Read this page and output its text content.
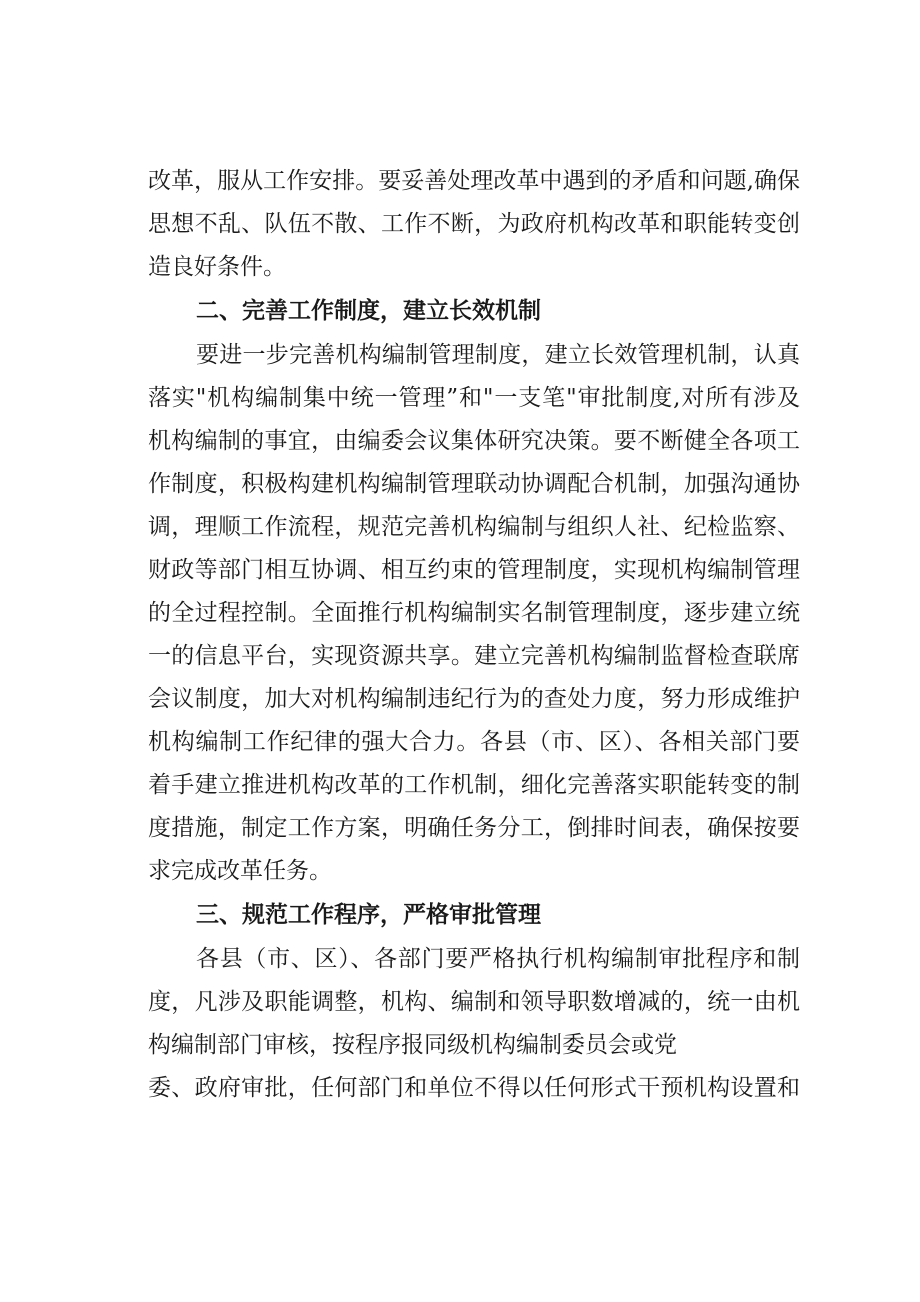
改革，服从工作安排。要妥善处理改革中遇到的矛盾和问题,确保
思想不乱、队伍不散、工作不断，为政府机构改革和职能转变创
造良好条件。
二、完善工作制度，建立长效机制
要进一步完善机构编制管理制度，建立长效管理机制，认真
落实"机构编制集中统一管理”和"一支笔"审批制度,对所有涉及
机构编制的事宜，由编委会议集体研究决策。要不断健全各项工
作制度，积极构建机构编制管理联动协调配合机制，加强沟通协
调，理顺工作流程，规范完善机构编制与组织人社、纪检监察、
财政等部门相互协调、相互约束的管理制度，实现机构编制管理
的全过程控制。全面推行机构编制实名制管理制度，逐步建立统
一的信息平台，实现资源共享。建立完善机构编制监督检查联席
会议制度，加大对机构编制违纪行为的查处力度，努力形成维护
机构编制工作纪律的强大合力。各县（市、区）、各相关部门要
着手建立推进机构改革的工作机制，细化完善落实职能转变的制
度措施，制定工作方案，明确任务分工，倒排时间表，确保按要
求完成改革任务。
三、规范工作程序，严格审批管理
各县（市、区）、各部门要严格执行机构编制审批程序和制
度，凡涉及职能调整，机构、编制和领导职数增减的，统一由机
构编制部门审核，按程序报同级机构编制委员会或党
委、政府审批，任何部门和单位不得以任何形式干预机构设置和
